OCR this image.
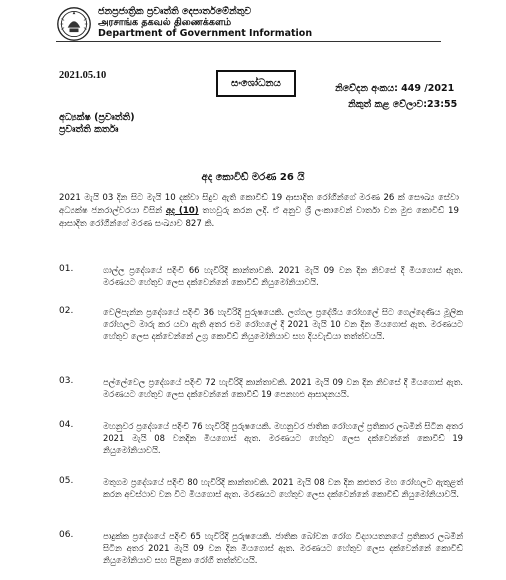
ජනප්‍රජාත්‍රික ප්‍රවෘත්ති දෙපාර්තමේන්තුව
அரசாங்க தகவல் திணைக்களம்
Department of Government Information
2021.05.10
සංශෝධනය	නිවේදන අංකය: 449 /2021
නිකුත් කළ වේලාව:23:55
අධ්‍යක්ෂ (ප්‍රවෘත්ති)
ප්‍රවෘත්ති කර්තෘ
අද කොවිඩ් මරණ 26 යි
2021 මැයි 03 දින සිට මැයි 10 දක්වා සිදුව ඇති කොවිඩ් 19 ආසාදිත රෝගීන්ගේ මරණ 26 ක් සෞඛ්‍ය සේවා අධ්‍යක්ෂ ජනරාල්වරයා විසින් අද (10) තහවුරු කරන ලදී. ඒ අනුව ශ්‍රී ලංකාවෙන් වාර්තා වන මුළු කොවිඩ් 19 ආසාදිත රෝගීන්ගේ මරණ සංඛ්‍යාව 827 කි.
01.	ගාල්ල ප්‍රදේශයේ පදිංචි 66 හැවිරිදි කාන්තාවකි. 2021 මැයි 09 වන දින නිවසේ දී මියගොස් ඇත. මරණයට හේතුව ලෙස දක්වෙන්නේ කොවිඩ් නියුමෝනියාවයි.
02.	වෙලිපැන්න ප්‍රදේශයේ පදිංචි 36 හැවිරිදි පුරුෂයෙකි. ලග්ගල ප්‍රදේශීය රෝහලේ සිට ගෙල්දෙණිය මූලික රෝහලට මාරු කර යවා ඇති අතර එම රෝහලේ දී 2021 මැයි 10 වන දින මියගොස් ඇත. මරණයට හේතුව ලෙස දක්වෙන්නේ උග්‍ර කොවිඩ් නියුමෝනියාව සහ දියවැඩියා තත්ත්වයයි.
03.	පල්ලේවෙල ප්‍රදේශයේ පදිංචි 72 හැවිරිදි කාන්තාවකි. 2021 මැයි 09 වන දින නිවසේ දී මියගොස් ඇත. මරණයට හේතුව ලෙස දක්වෙන්නේ කොවිඩ් 19 පෙනහළු ආසාදනයයි.
04.	මහනුවර ප්‍රදේශයේ පදිංචි 76 හැවිරිදි පුරුෂයෙකි. මහනුවර ජාතික රෝහලේ ප්‍රතිකාර ලබමින් සිටින අතර 2021 මැයි 08 වනදින මියගොස් ඇත. මරණයට හේතුව ලෙස දක්වෙන්නේ කොවිඩ් 19 නියුමෝනියාවයි.
05.	මතුගම ප්‍රදේශයේ පදිංචි 80 හැවිරිදි කාන්තාවකි. 2021 මැයි 08 වන දින කළුතර මහ රෝහලට ඇතුළත් කරන අවස්ථාව වන විට මියගොස් ඇත. මරණයට හේතුව ලෙස දක්වෙන්නේ කොවිඩ් නියුමෝනියාවයි.
06.	පාදුක්ක ප්‍රදේශයේ පදිංචි 65 හැවිරිදි පුරුෂයෙකි. ජාතික බෝවන රෝග විද්‍යායතනයේ ප්‍රතිකාර ලබමින් සිටින අතර 2021 මැයි 09 වන දින මියගොස් ඇත. මරණයට හේතුව ලෙස දක්වෙන්නේ කොවිඩ් නියුමෝනියාව සහ පිළිකා රෝගී තත්ත්වයයි.
